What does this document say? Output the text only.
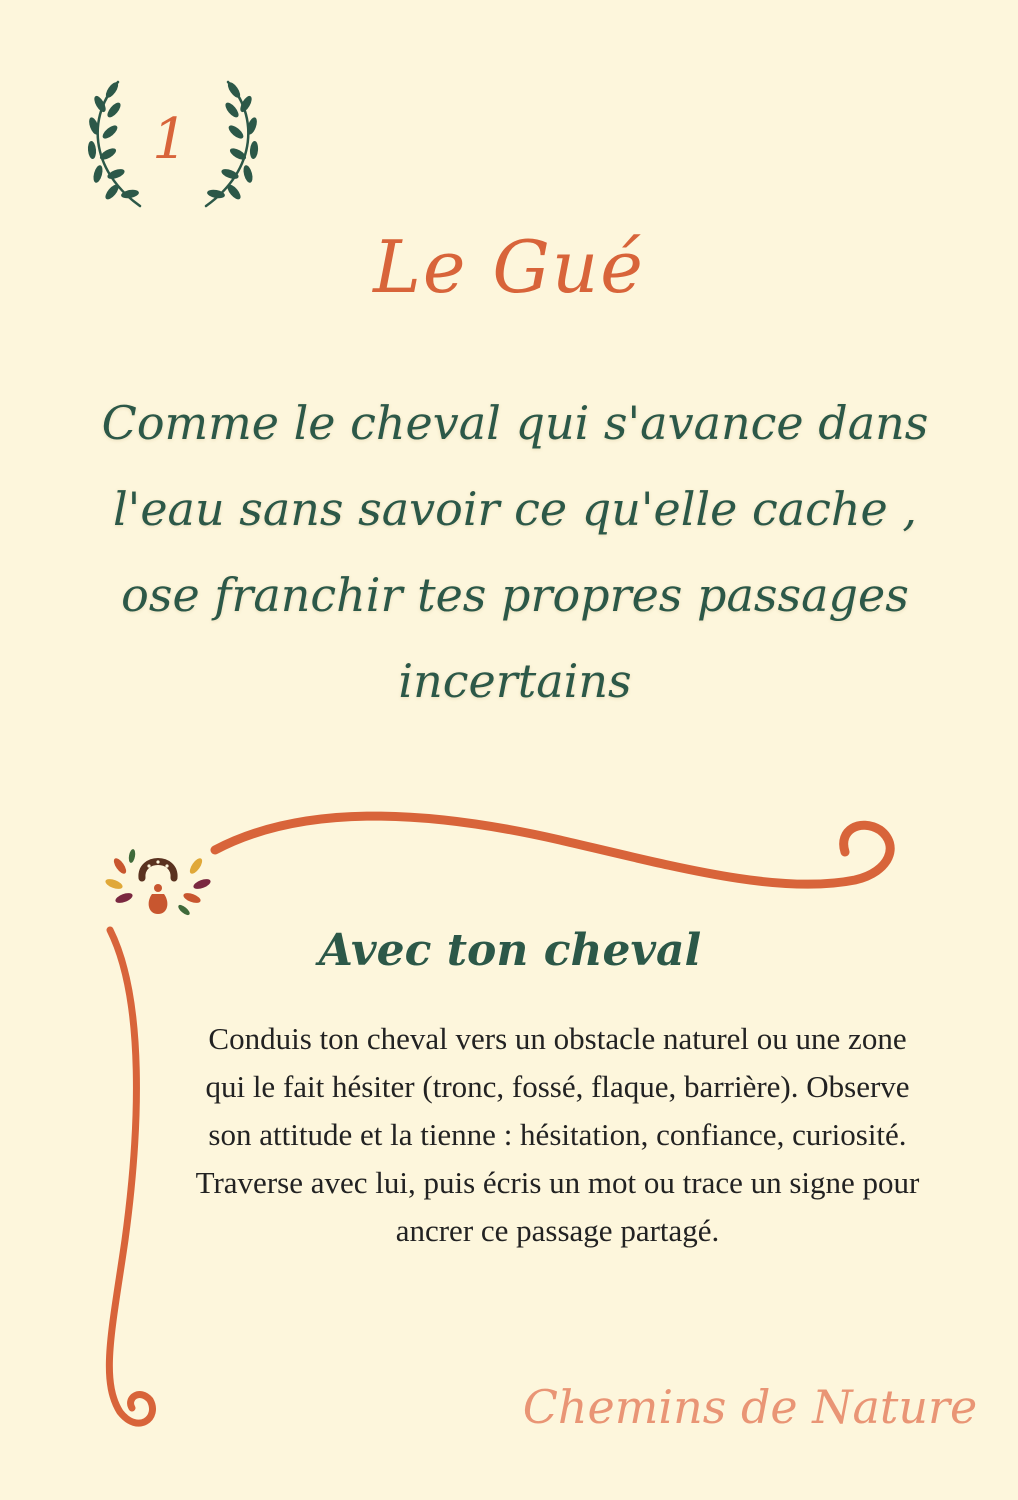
1
Le Gué
Comme le cheval qui s'avance dans l'eau sans savoir ce qu'elle cache , ose franchir tes propres passages incertains
Avec ton cheval
Conduis ton cheval vers un obstacle naturel ou une zone qui le fait hésiter (tronc, fossé, flaque, barrière). Observe son attitude et la tienne : hésitation, confiance, curiosité. Traverse avec lui, puis écris un mot ou trace un signe pour ancrer ce passage partagé.
Chemins de Nature
